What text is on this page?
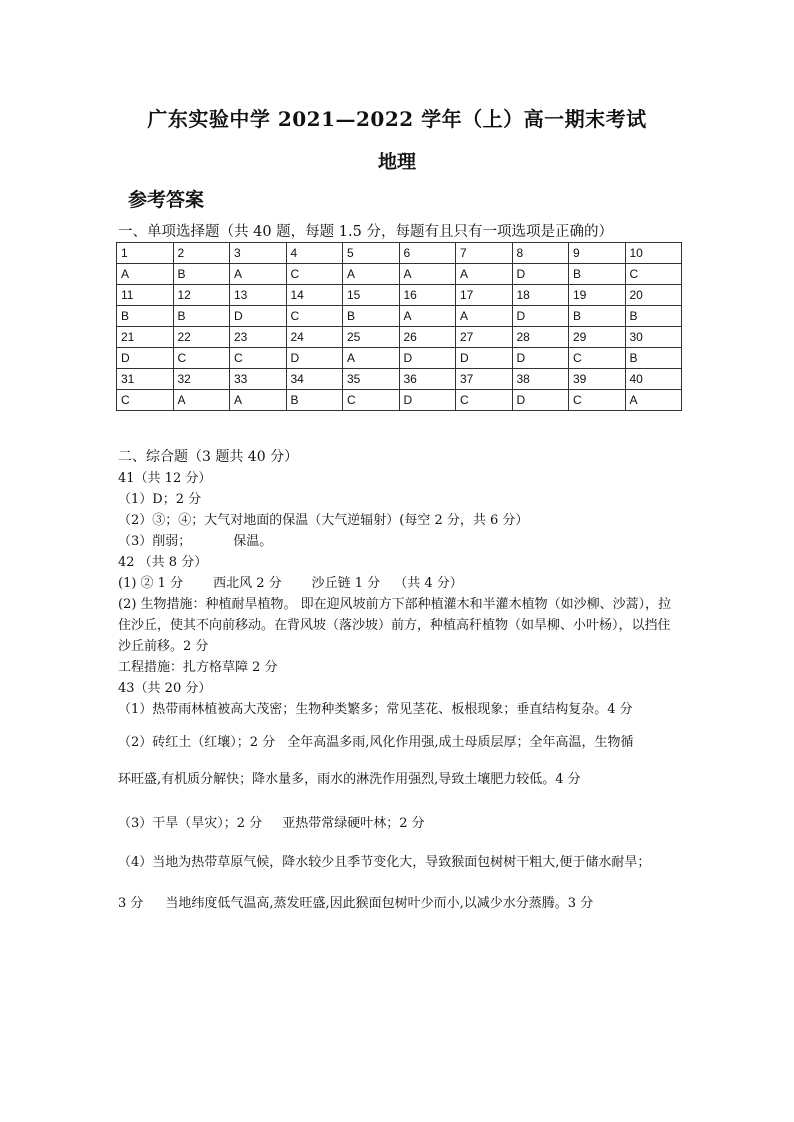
广东实验中学 2021—2022 学年（上）高一期末考试
地理
参考答案
一、单项选择题（共 40 题，每题 1.5 分，每题有且只有一项选项是正确的）
1	2	3	4	5	6	7	8	9	10
A	B	A	C	A	A	A	D	B	C
11	12	13	14	15	16	17	18	19	20
B	B	D	C	B	A	A	D	B	B
21	22	23	24	25	26	27	28	29	30
D	C	C	D	A	D	D	D	C	B
31	32	33	34	35	36	37	38	39	40
C	A	A	B	C	D	C	D	C	A
二、综合题（3 题共 40 分）
41（共 12 分）
（1）D；2 分
（2）③；④；大气对地面的保温（大气逆辐射）(每空 2 分，共 6 分）
（3）削弱；	保温。
42 （共 8 分）
(1) ② 1 分 西北风 2 分 沙丘链 1 分 （共 4 分）
(2) 生物措施：种植耐旱植物。 即在迎风坡前方下部种植灌木和半灌木植物（如沙柳、沙蒿），拉住沙丘，使其不向前移动。在背风坡（落沙坡）前方，种植高秆植物（如旱柳、小叶杨），以挡住沙丘前移。2 分
工程措施：扎方格草障 2 分
43（共 20 分）
（1）热带雨林植被高大茂密；生物种类繁多；常见茎花、板根现象；垂直结构复杂。4 分
（2）砖红土（红壤）；2 分 全年高温多雨,风化作用强,成土母质层厚；全年高温，生物循
环旺盛,有机质分解快；降水量多，雨水的淋洗作用强烈,导致土壤肥力较低。4 分
（3）干旱（旱灾）；2 分 亚热带常绿硬叶林；2 分
（4）当地为热带草原气候，降水较少且季节变化大，导致猴面包树树干粗大,便于储水耐旱；
3 分 当地纬度低气温高,蒸发旺盛,因此猴面包树叶少而小,以减少水分蒸腾。3 分
